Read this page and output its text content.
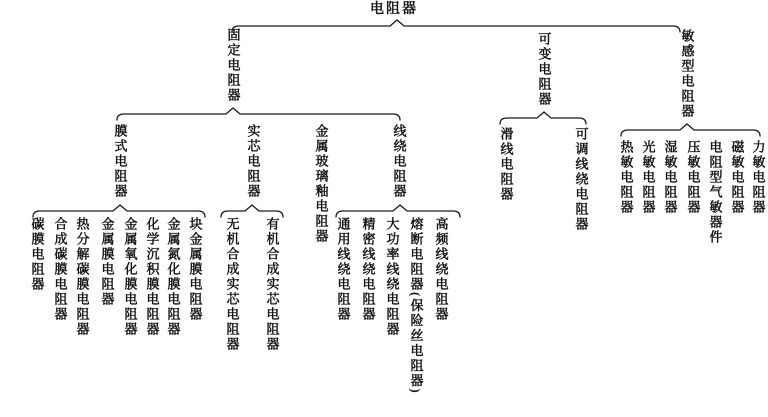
电阻器
固定电阻器	可变电阻器	敏感型电阻器
膜式电阻器	实芯电阻器	金属玻璃釉电阻器	线绕电阻器	滑线电阻器	可调线绕电阻器 热敏电阻器 光敏电阻器 湿敏电阻器 压敏电阻器 电阻型气敏器件 磁敏电阻器 力敏电阻器
碳膜电阻器 合成碳膜电阻器 热分解碳膜电阻器 金属膜电阻器 金属氧化膜电阻器 化学沉积膜电阻器 金属氮化膜电阻器 块金属膜电阻器 无机合成实芯电阻器 有机合成实芯电阻器	通用线绕电阻器 精密线绕电阻器 大功率线绕电阻器 熔断电阻器(保险丝电阻器) 高频线绕电阻器
